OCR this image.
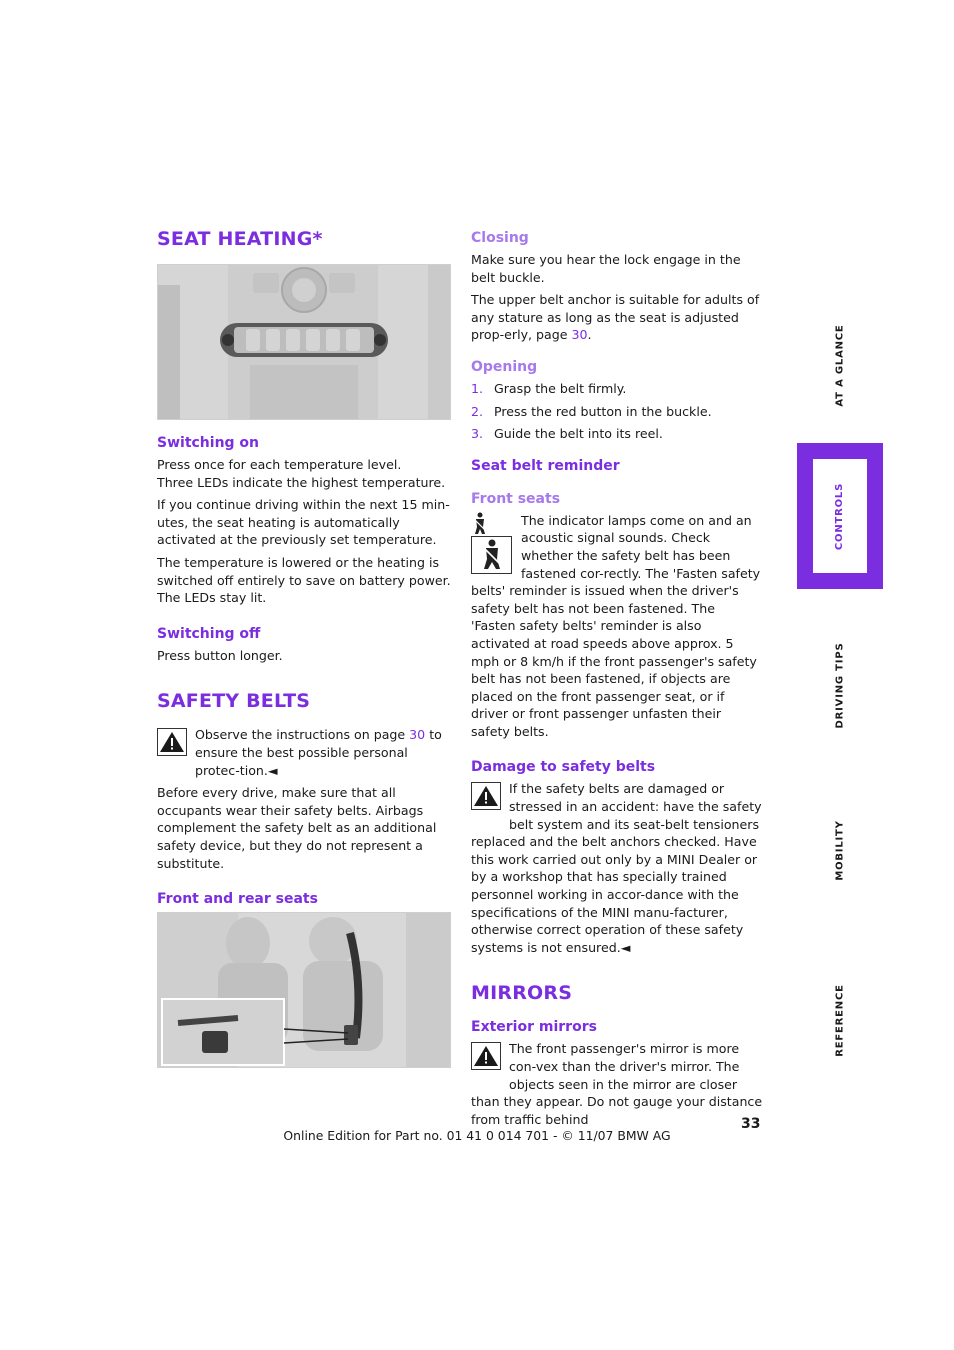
SEAT HEATING*
Switching on

Press once for each temperature level.
Three LEDs indicate the highest temperature.

If you continue driving within the next 15 min-utes, the seat heating is automatically activated at the previously set temperature.

The temperature is lowered or the heating is switched off entirely to save on battery power. The LEDs stay lit.

Switching off

Press button longer.

SAFETY BELTS
Observe the instructions on page 30 to ensure the best possible personal protec-tion.◄

Before every drive, make sure that all occupants wear their safety belts. Airbags complement the safety belt as an additional safety device, but they do not represent a substitute.

Front and rear seats
Closing

Make sure you hear the lock engage in the belt buckle.

The upper belt anchor is suitable for adults of any stature as long as the seat is adjusted prop-erly, page 30.

Opening
1. Grasp the belt firmly.
2. Press the red button in the buckle.
3. Guide the belt into its reel.
Seat belt reminder
Front seats
The indicator lamps come on and an acoustic signal sounds. Check whether the safety belt has been fastened cor-rectly. The 'Fasten safety belts' reminder is issued when the driver's safety belt has not been fastened. The 'Fasten safety belts' reminder is also activated at road speeds above approx. 5 mph or 8 km/h if the front passenger's safety belt has not been fastened, if objects are placed on the front passenger seat, or if driver or front passenger unfasten their safety belts.
Damage to safety belts
If the safety belts are damaged or stressed in an accident: have the safety belt system and its seat-belt tensioners replaced and the belt anchors checked. Have this work carried out only by a MINI Dealer or by a workshop that has specially trained personnel working in accor-dance with the specifications of the MINI manu-facturer, otherwise correct operation of these safety systems is not ensured.◄
MIRRORS
Exterior mirrors
The front passenger's mirror is more con-vex than the driver's mirror. The objects seen in the mirror are closer than they appear. Do not gauge your distance from traffic behind
AT A GLANCE
CONTROLS
DRIVING TIPS
MOBILITY
REFERENCE
33
Online Edition for Part no. 01 41 0 014 701 - © 11/07 BMW AG
